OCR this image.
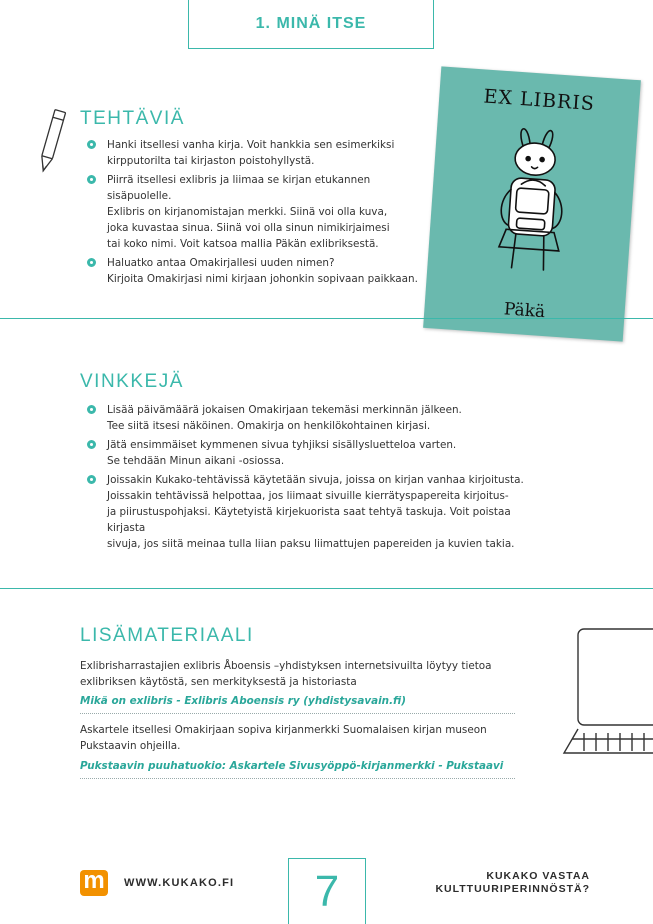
1. MINÄ ITSE
TEHTÄVIÄ
Hanki itsellesi vanha kirja. Voit hankkia sen esimerkiksi
kirpputorilta tai kirjaston poistohyllystä.
Piirrä itsellesi exlibris ja liimaa se kirjan etukannen sisäpuolelle.
Exlibris on kirjanomistajan merkki. Siinä voi olla kuva,
joka kuvastaa sinua. Siinä voi olla sinun nimikirjaimesi
tai koko nimi. Voit katsoa mallia Päkän exlibriksestä.
Haluatko antaa Omakirjallesi uuden nimen?
Kirjoita Omakirjasi nimi kirjaan johonkin sopivaan paikkaan.
EX LIBRIS
Päkä
VINKKEJÄ
Lisää päivämäärä jokaisen Omakirjaan tekemäsi merkinnän jälkeen.
Tee siitä itsesi näköinen. Omakirja on henkilökohtainen kirjasi.
Jätä ensimmäiset kymmenen sivua tyhjiksi sisällysluetteloa varten.
Se tehdään Minun aikani -osiossa.
Joissakin Kukako-tehtävissä käytetään sivuja, joissa on kirjan vanhaa kirjoitusta.
Joissakin tehtävissä helpottaa, jos liimaat sivuille kierrätyspapereita kirjoitus-
ja piirustuspohjaksi. Käytetyistä kirjekuorista saat tehtyä taskuja. Voit poistaa kirjasta
sivuja, jos siitä meinaa tulla liian paksu liimattujen papereiden ja kuvien takia.
LISÄMATERIAALI
Exlibrisharrastajien exlibris Åboensis –yhdistyksen internetsivuilta löytyy tietoa
exlibriksen käytöstä, sen merkityksestä ja historiasta
Mikä on exlibris - Exlibris Aboensis ry (yhdistysavain.fi)
Askartele itsellesi Omakirjaan sopiva kirjanmerkki Suomalaisen kirjan museon
Pukstaavin ohjeilla.
Pukstaavin puuhatuokio: Askartele Sivusyöppö-kirjanmerkki - Pukstaavi
m WWW.KUKAKO.FI 7	KUKAKO VASTAA
KULTTUURIPERINNÖSTÄ?
